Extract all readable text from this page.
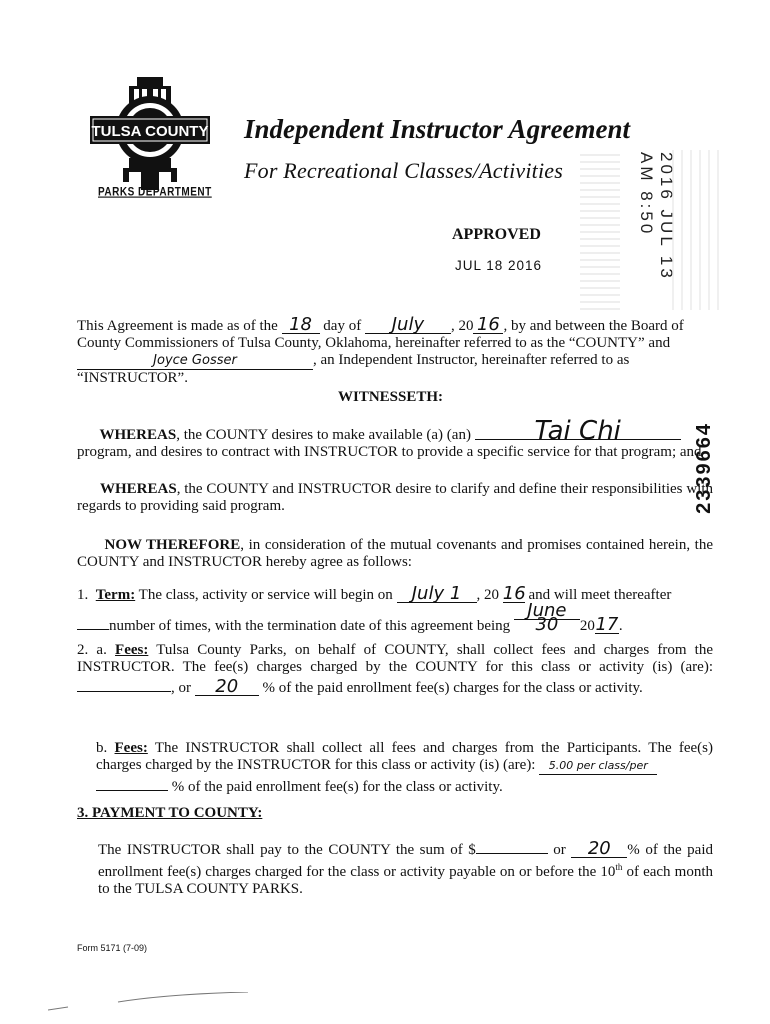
TULSA COUNTY
PARKS DEPARTMENT
Independent Instructor Agreement
For Recreational Classes/Activities
APPROVED
JUL 18 2016	2016 JUL 13 AM 8:50
This Agreement is made as of the 18 day of July , 20 16 , by and between the Board of County Commissioners of Tulsa County, Oklahoma, hereinafter referred to as the “COUNTY” and
Joyce Gosser	, an Independent Instructor, hereinafter referred to as
“INSTRUCTOR”.
WITNESSETH:
WHEREAS, the COUNTY desires to make available (a) (an) Tai Chi
program, and desires to contract with INSTRUCTOR to provide a specific service for that program; and
WHEREAS, the COUNTY and INSTRUCTOR desire to clarify and define their responsibilities with regards to providing said program.	2339664
NOW THEREFORE, in consideration of the mutual covenants and promises contained herein, the COUNTY and INSTRUCTOR hereby agree as follows:
1. Term: The class, activity or service will begin on July 1 , 20 16 and will meet thereafter
number of times, with the termination date of this agreement being June 30 2017.
2. a. Fees: Tulsa County Parks, on behalf of COUNTY, shall collect fees and charges from the INSTRUCTOR. The fee(s) charges charged by the COUNTY for this class or activity (is) (are): , or 20 % of the paid enrollment fee(s) charges for the class or activity.
b. Fees: The INSTRUCTOR shall collect all fees and charges from the Participants. The fee(s) charges charged by the INSTRUCTOR for this class or activity (is) (are): 5.00 per class/per
% of the paid enrollment fee(s) for the class or activity.
3. PAYMENT TO COUNTY:
The INSTRUCTOR shall pay to the COUNTY the sum of $	or 20 % of the paid enrollment fee(s) charges charged for the class or activity payable on or before the 10th of each month to the TULSA COUNTY PARKS.
Form 5171 (7-09)
